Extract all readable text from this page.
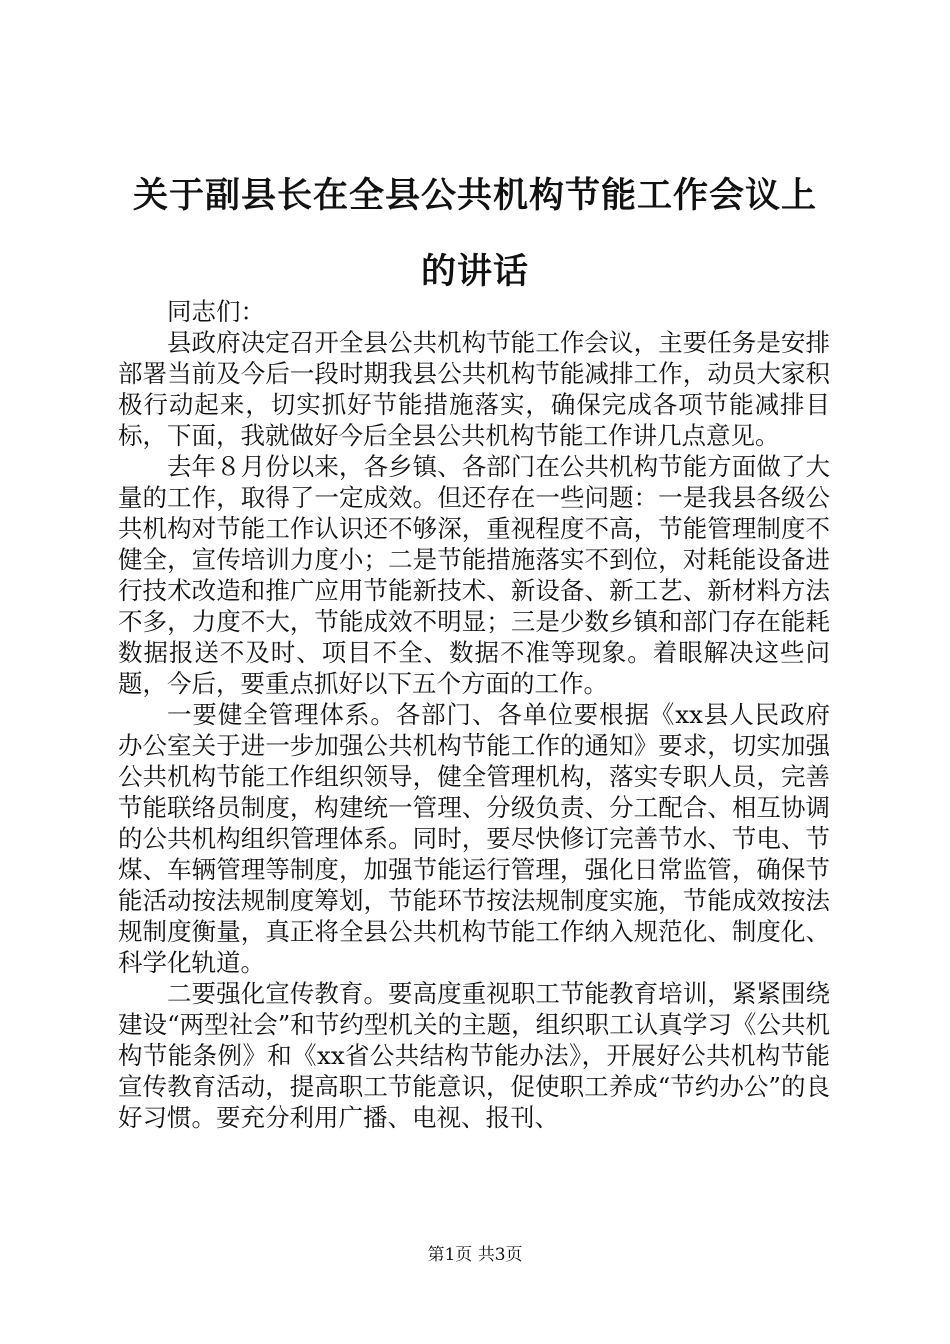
关于副县长在全县公共机构节能工作会议上的讲话

同志们：

县政府决定召开全县公共机构节能工作会议，主要任务是安排部署当前及今后一段时期我县公共机构节能减排工作，动员大家积极行动起来，切实抓好节能措施落实，确保完成各项节能减排目标，下面，我就做好今后全县公共机构节能工作讲几点意见。

去年８月份以来，各乡镇、各部门在公共机构节能方面做了大量的工作，取得了一定成效。但还存在一些问题：一是我县各级公共机构对节能工作认识还不够深，重视程度不高，节能管理制度不健全，宣传培训力度小；二是节能措施落实不到位，对耗能设备进行技术改造和推广应用节能新技术、新设备、新工艺、新材料方法不多，力度不大，节能成效不明显；三是少数乡镇和部门存在能耗数据报送不及时、项目不全、数据不准等现象。着眼解决这些问题，今后，要重点抓好以下五个方面的工作。

一要健全管理体系。各部门、各单位要根据《xx县人民政府办公室关于进一步加强公共机构节能工作的通知》要求，切实加强公共机构节能工作组织领导，健全管理机构，落实专职人员，完善节能联络员制度，构建统一管理、分级负责、分工配合、相互协调的公共机构组织管理体系。同时，要尽快修订完善节水、节电、节煤、车辆管理等制度，加强节能运行管理，强化日常监管，确保节能活动按法规制度筹划，节能环节按法规制度实施，节能成效按法规制度衡量，真正将全县公共机构节能工作纳入规范化、制度化、科学化轨道。

二要强化宣传教育。要高度重视职工节能教育培训，紧紧围绕建设“两型社会”和节约型机关的主题，组织职工认真学习《公共机构节能条例》和《xx省公共结构节能办法》，开展好公共机构节能宣传教育活动，提高职工节能意识，促使职工养成“节约办公”的良好习惯。要充分利用广播、电视、报刊、

第1页 共3页
